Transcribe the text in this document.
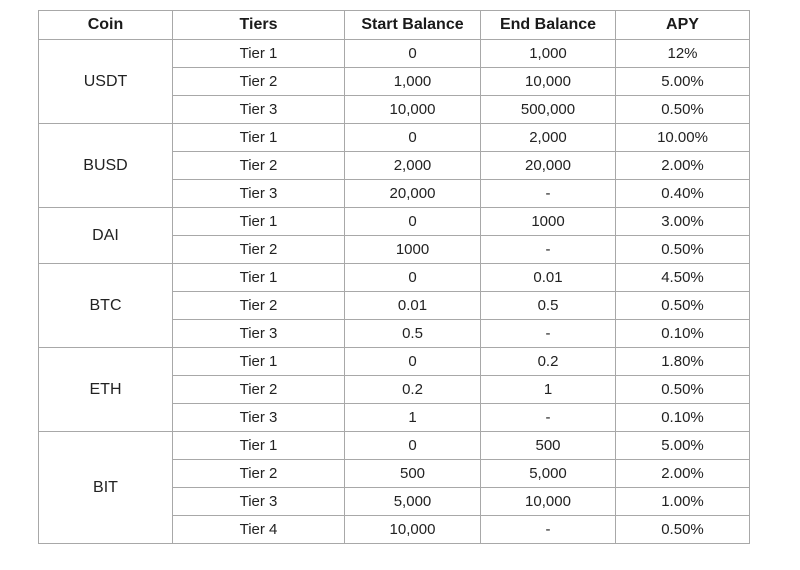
Coin	Tiers	Start Balance	End Balance	APY
USDT	Tier 1	0	1,000	12%
	Tier 2	1,000	10,000	5.00%
	Tier 3	10,000	500,000	0.50%
BUSD	Tier 1	0	2,000	10.00%
	Tier 2	2,000	20,000	2.00%
	Tier 3	20,000	-	0.40%
DAI	Tier 1	0	1000	3.00%
	Tier 2	1000	-	0.50%
BTC	Tier 1	0	0.01	4.50%
	Tier 2	0.01	0.5	0.50%
	Tier 3	0.5	-	0.10%
ETH	Tier 1	0	0.2	1.80%
	Tier 2	0.2	1	0.50%
	Tier 3	1	-	0.10%
BIT	Tier 1	0	500	5.00%
	Tier 2	500	5,000	2.00%
	Tier 3	5,000	10,000	1.00%
	Tier 4	10,000	-	0.50%
